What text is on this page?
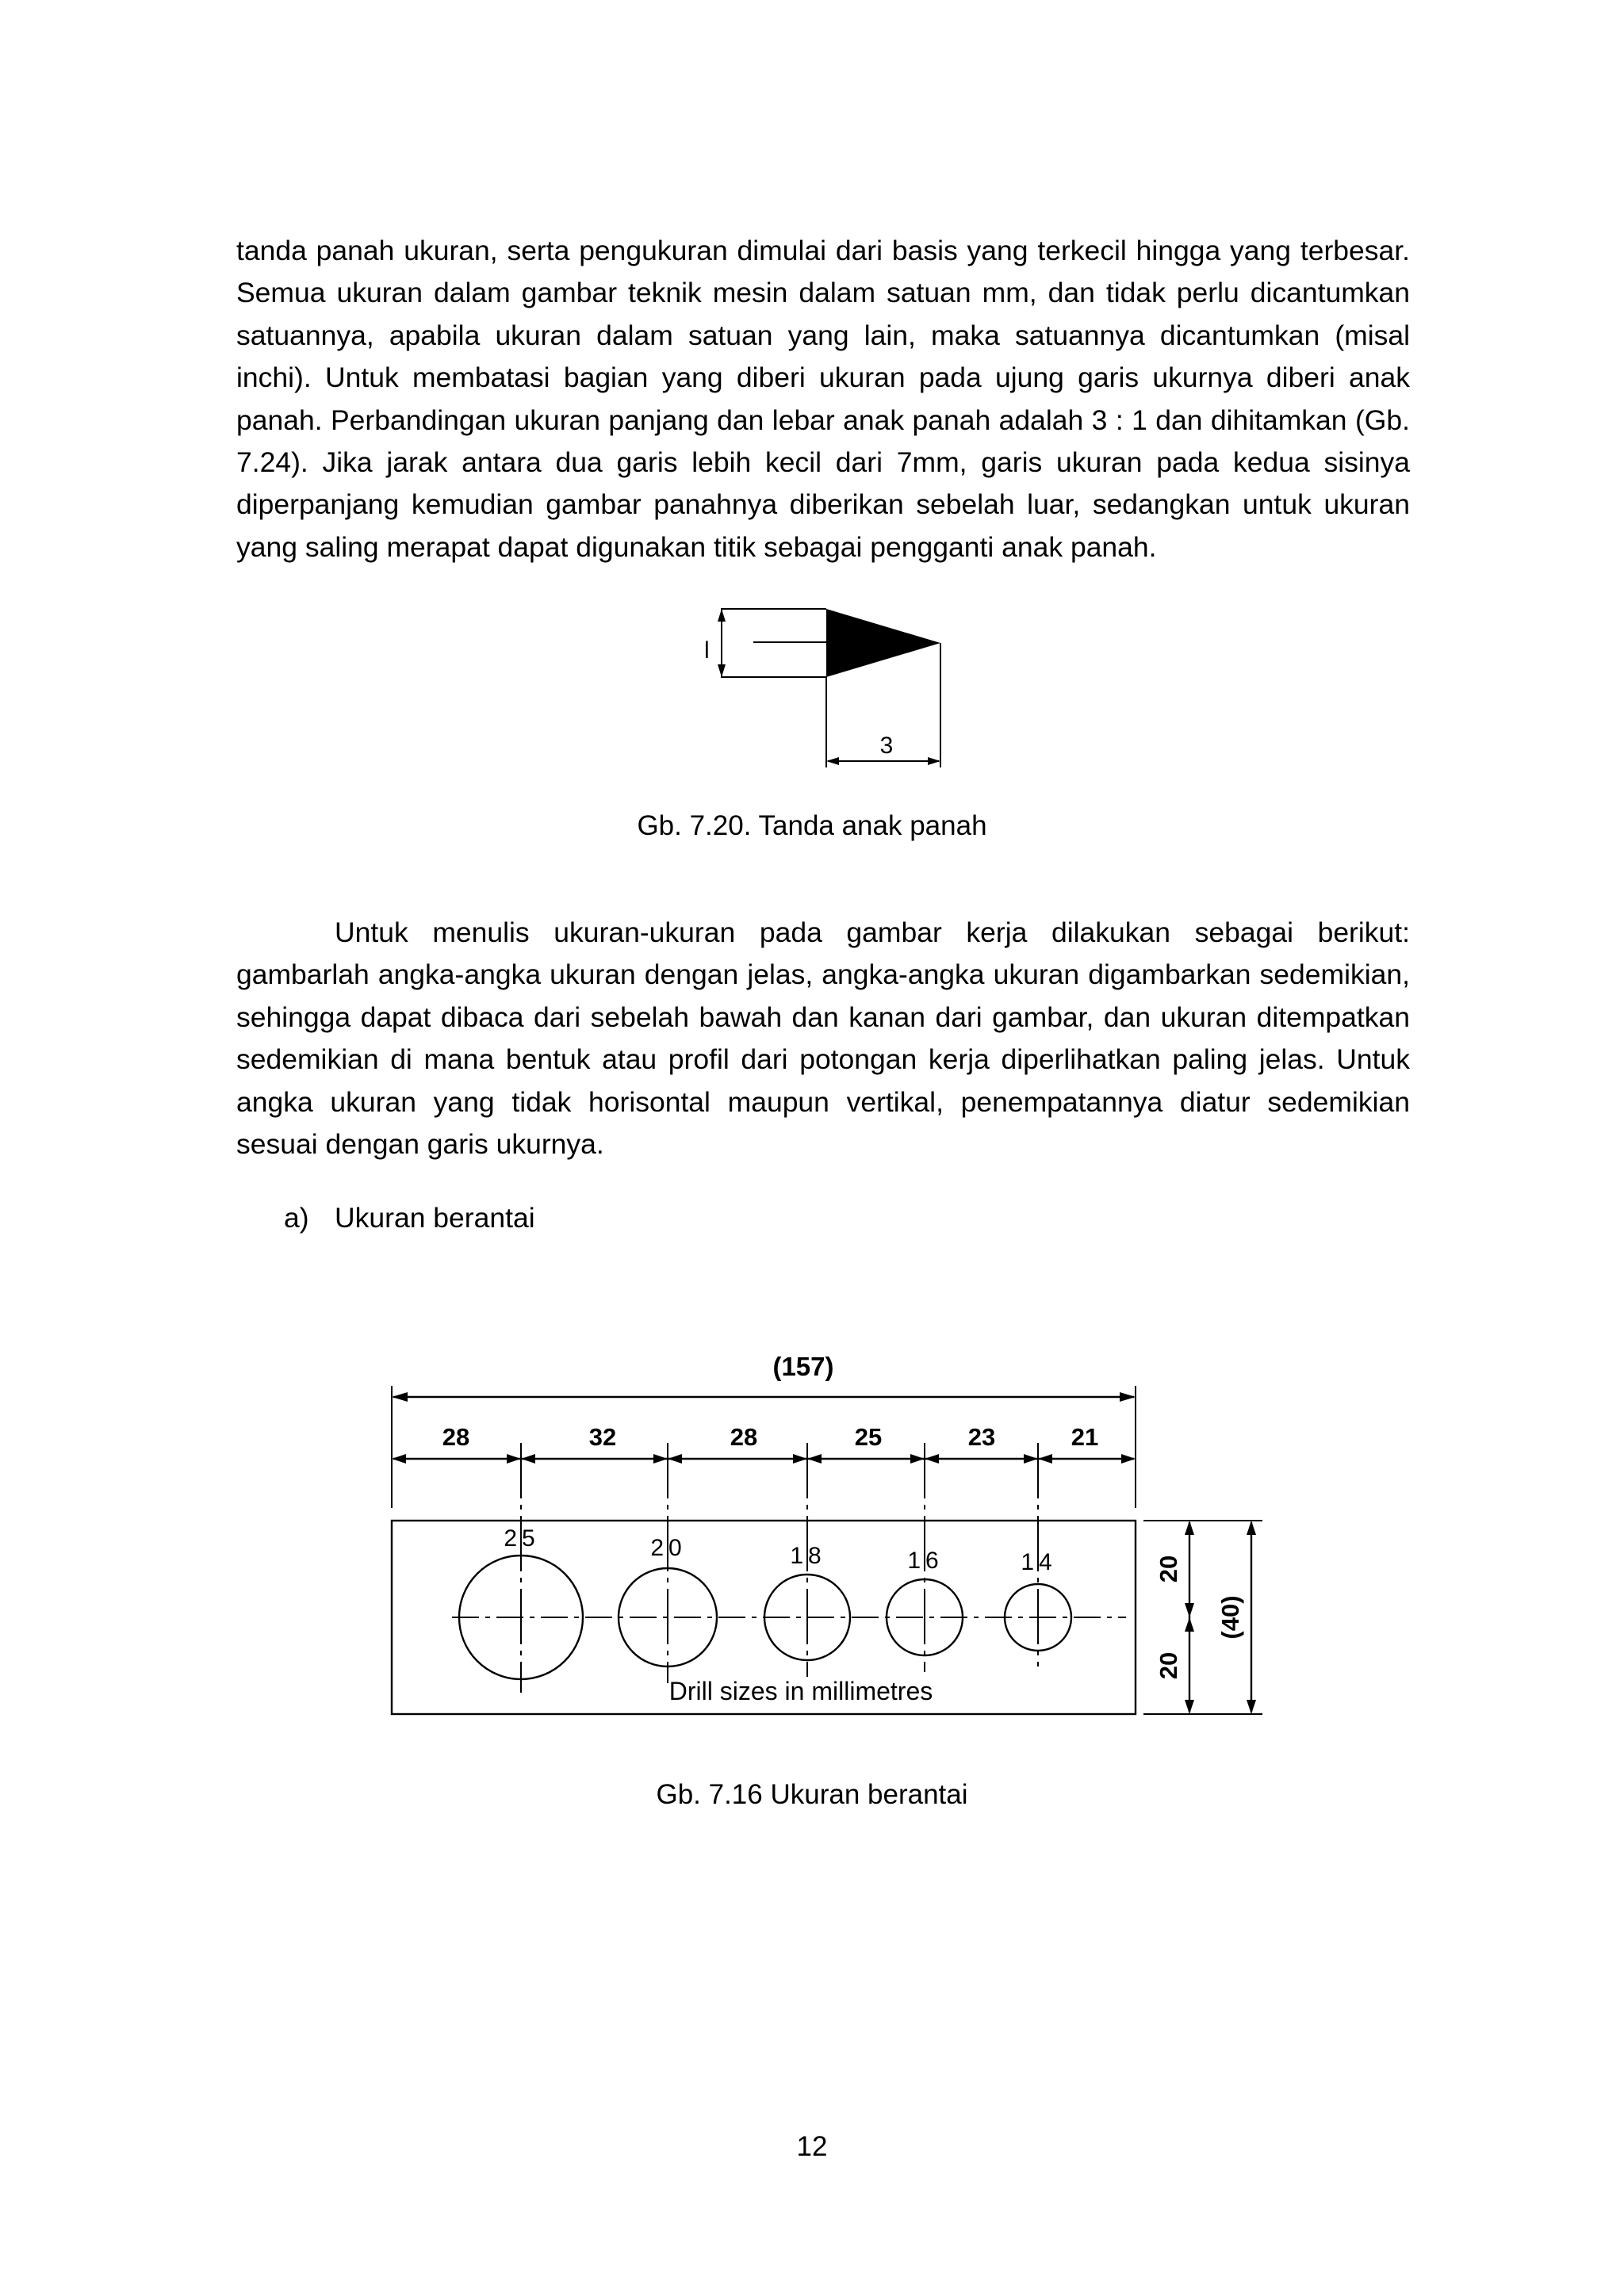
tanda panah ukuran, serta pengukuran dimulai dari basis yang terkecil hingga yang terbesar. Semua ukuran dalam gambar teknik mesin dalam satuan mm, dan tidak perlu dicantumkan satuannya, apabila ukuran dalam satuan yang lain, maka satuannya dicantumkan (misal inchi). Untuk membatasi bagian yang diberi ukuran pada ujung garis ukurnya diberi anak panah. Perbandingan ukuran panjang dan lebar anak panah adalah 3 : 1 dan dihitamkan (Gb. 7.24). Jika jarak antara dua garis lebih kecil dari 7mm, garis ukuran pada kedua sisinya diperpanjang kemudian gambar panahnya diberikan sebelah luar, sedangkan untuk ukuran yang saling merapat dapat digunakan titik sebagai pengganti anak panah.

l
3
Gb. 7.20. Tanda anak panah

Untuk menulis ukuran-ukuran pada gambar kerja dilakukan sebagai berikut: gambarlah angka-angka ukuran dengan jelas, angka-angka ukuran digambarkan sedemikian, sehingga dapat dibaca dari sebelah bawah dan kanan dari gambar, dan ukuran ditempatkan sedemikian di mana bentuk atau profil dari potongan kerja diperlihatkan paling jelas. Untuk angka ukuran yang tidak horisontal maupun vertikal, penempatannya diatur sedemikian sesuai dengan garis ukurnya.

a) Ukuran berantai
(157)
28	32	28	25	23	21
25	20	18	16	14
Drill sizes in millimetres
20
20
(40)
Gb. 7.16 Ukuran berantai
12
